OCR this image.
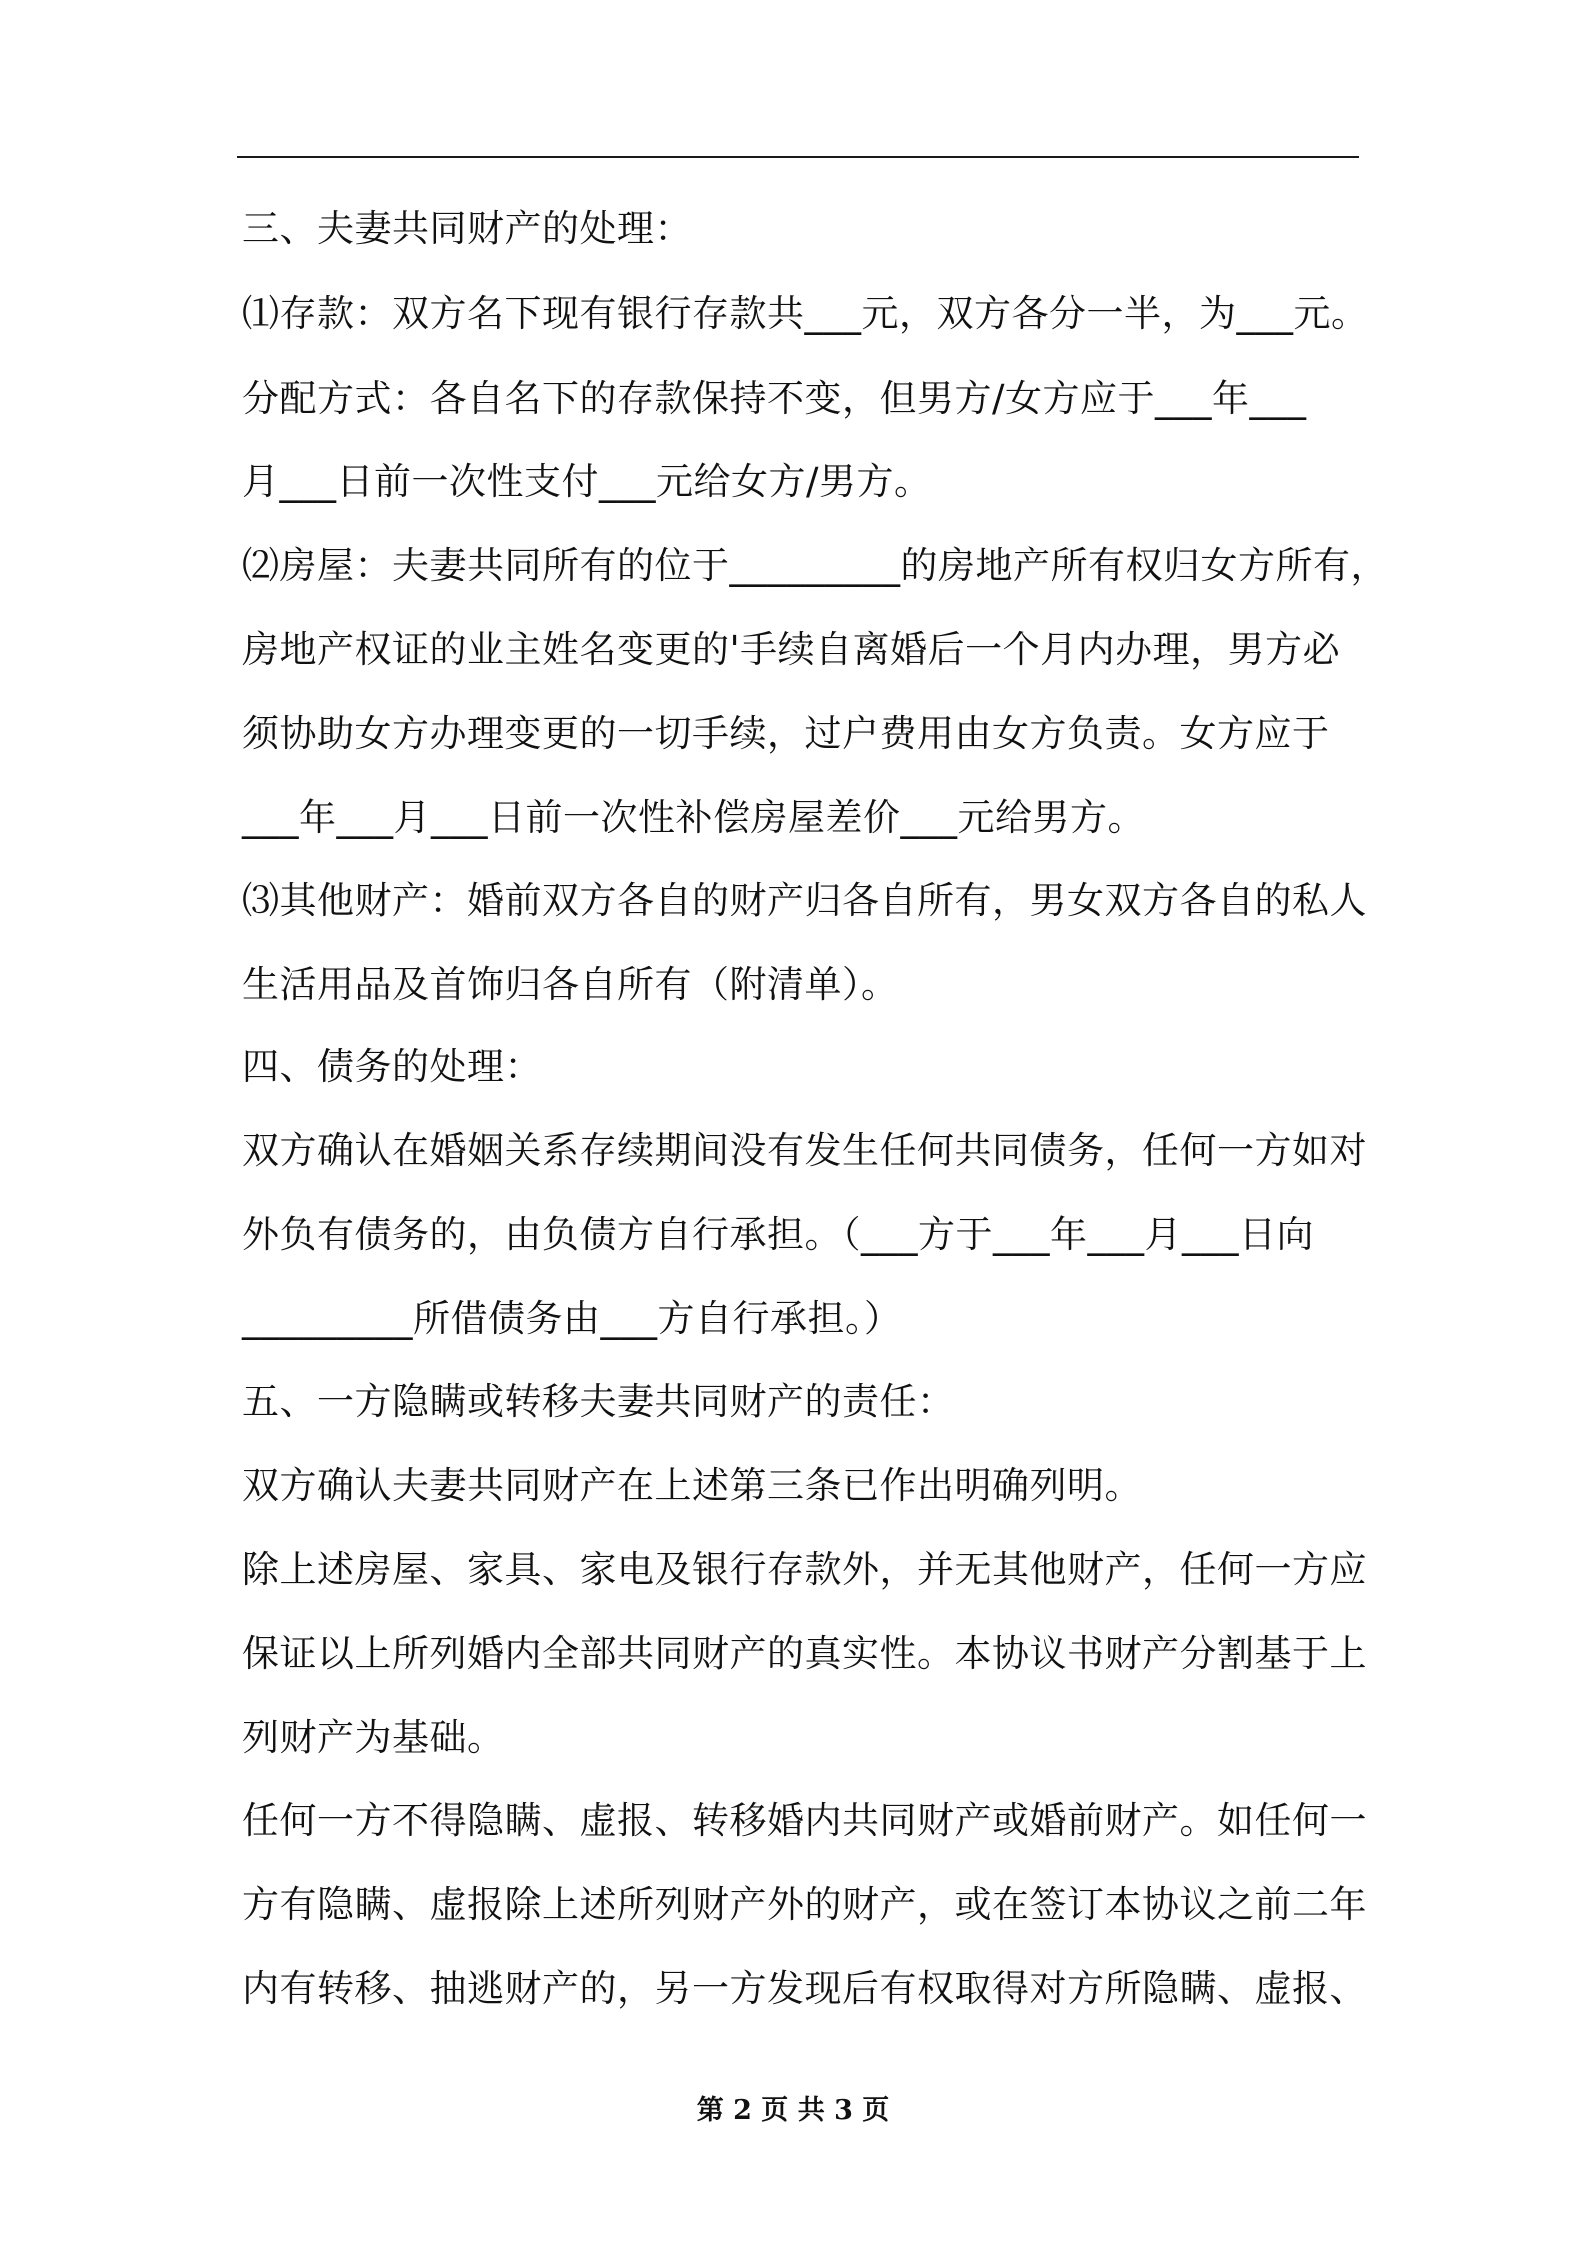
三、夫妻共同财产的处理：
⑴存款：双方名下现有银行存款共___元，双方各分一半，为___元。
分配方式：各自名下的存款保持不变，但男方/女方应于___年___
月___日前一次性支付___元给女方/男方。
⑵房屋：夫妻共同所有的位于_________的房地产所有权归女方所有，
房地产权证的业主姓名变更的'手续自离婚后一个月内办理，男方必
须协助女方办理变更的一切手续，过户费用由女方负责。女方应于
___年___月___日前一次性补偿房屋差价___元给男方。
⑶其他财产：婚前双方各自的财产归各自所有，男女双方各自的私人
生活用品及首饰归各自所有（附清单）。
四、债务的处理：
双方确认在婚姻关系存续期间没有发生任何共同债务，任何一方如对
外负有债务的，由负债方自行承担。（___方于___年___月___日向
_________所借债务由___方自行承担。）
五、一方隐瞒或转移夫妻共同财产的责任：
双方确认夫妻共同财产在上述第三条已作出明确列明。
除上述房屋、家具、家电及银行存款外，并无其他财产，任何一方应
保证以上所列婚内全部共同财产的真实性。本协议书财产分割基于上
列财产为基础。
任何一方不得隐瞒、虚报、转移婚内共同财产或婚前财产。如任何一
方有隐瞒、虚报除上述所列财产外的财产，或在签订本协议之前二年
内有转移、抽逃财产的，另一方发现后有权取得对方所隐瞒、虚报、
第 2 页 共 3 页
